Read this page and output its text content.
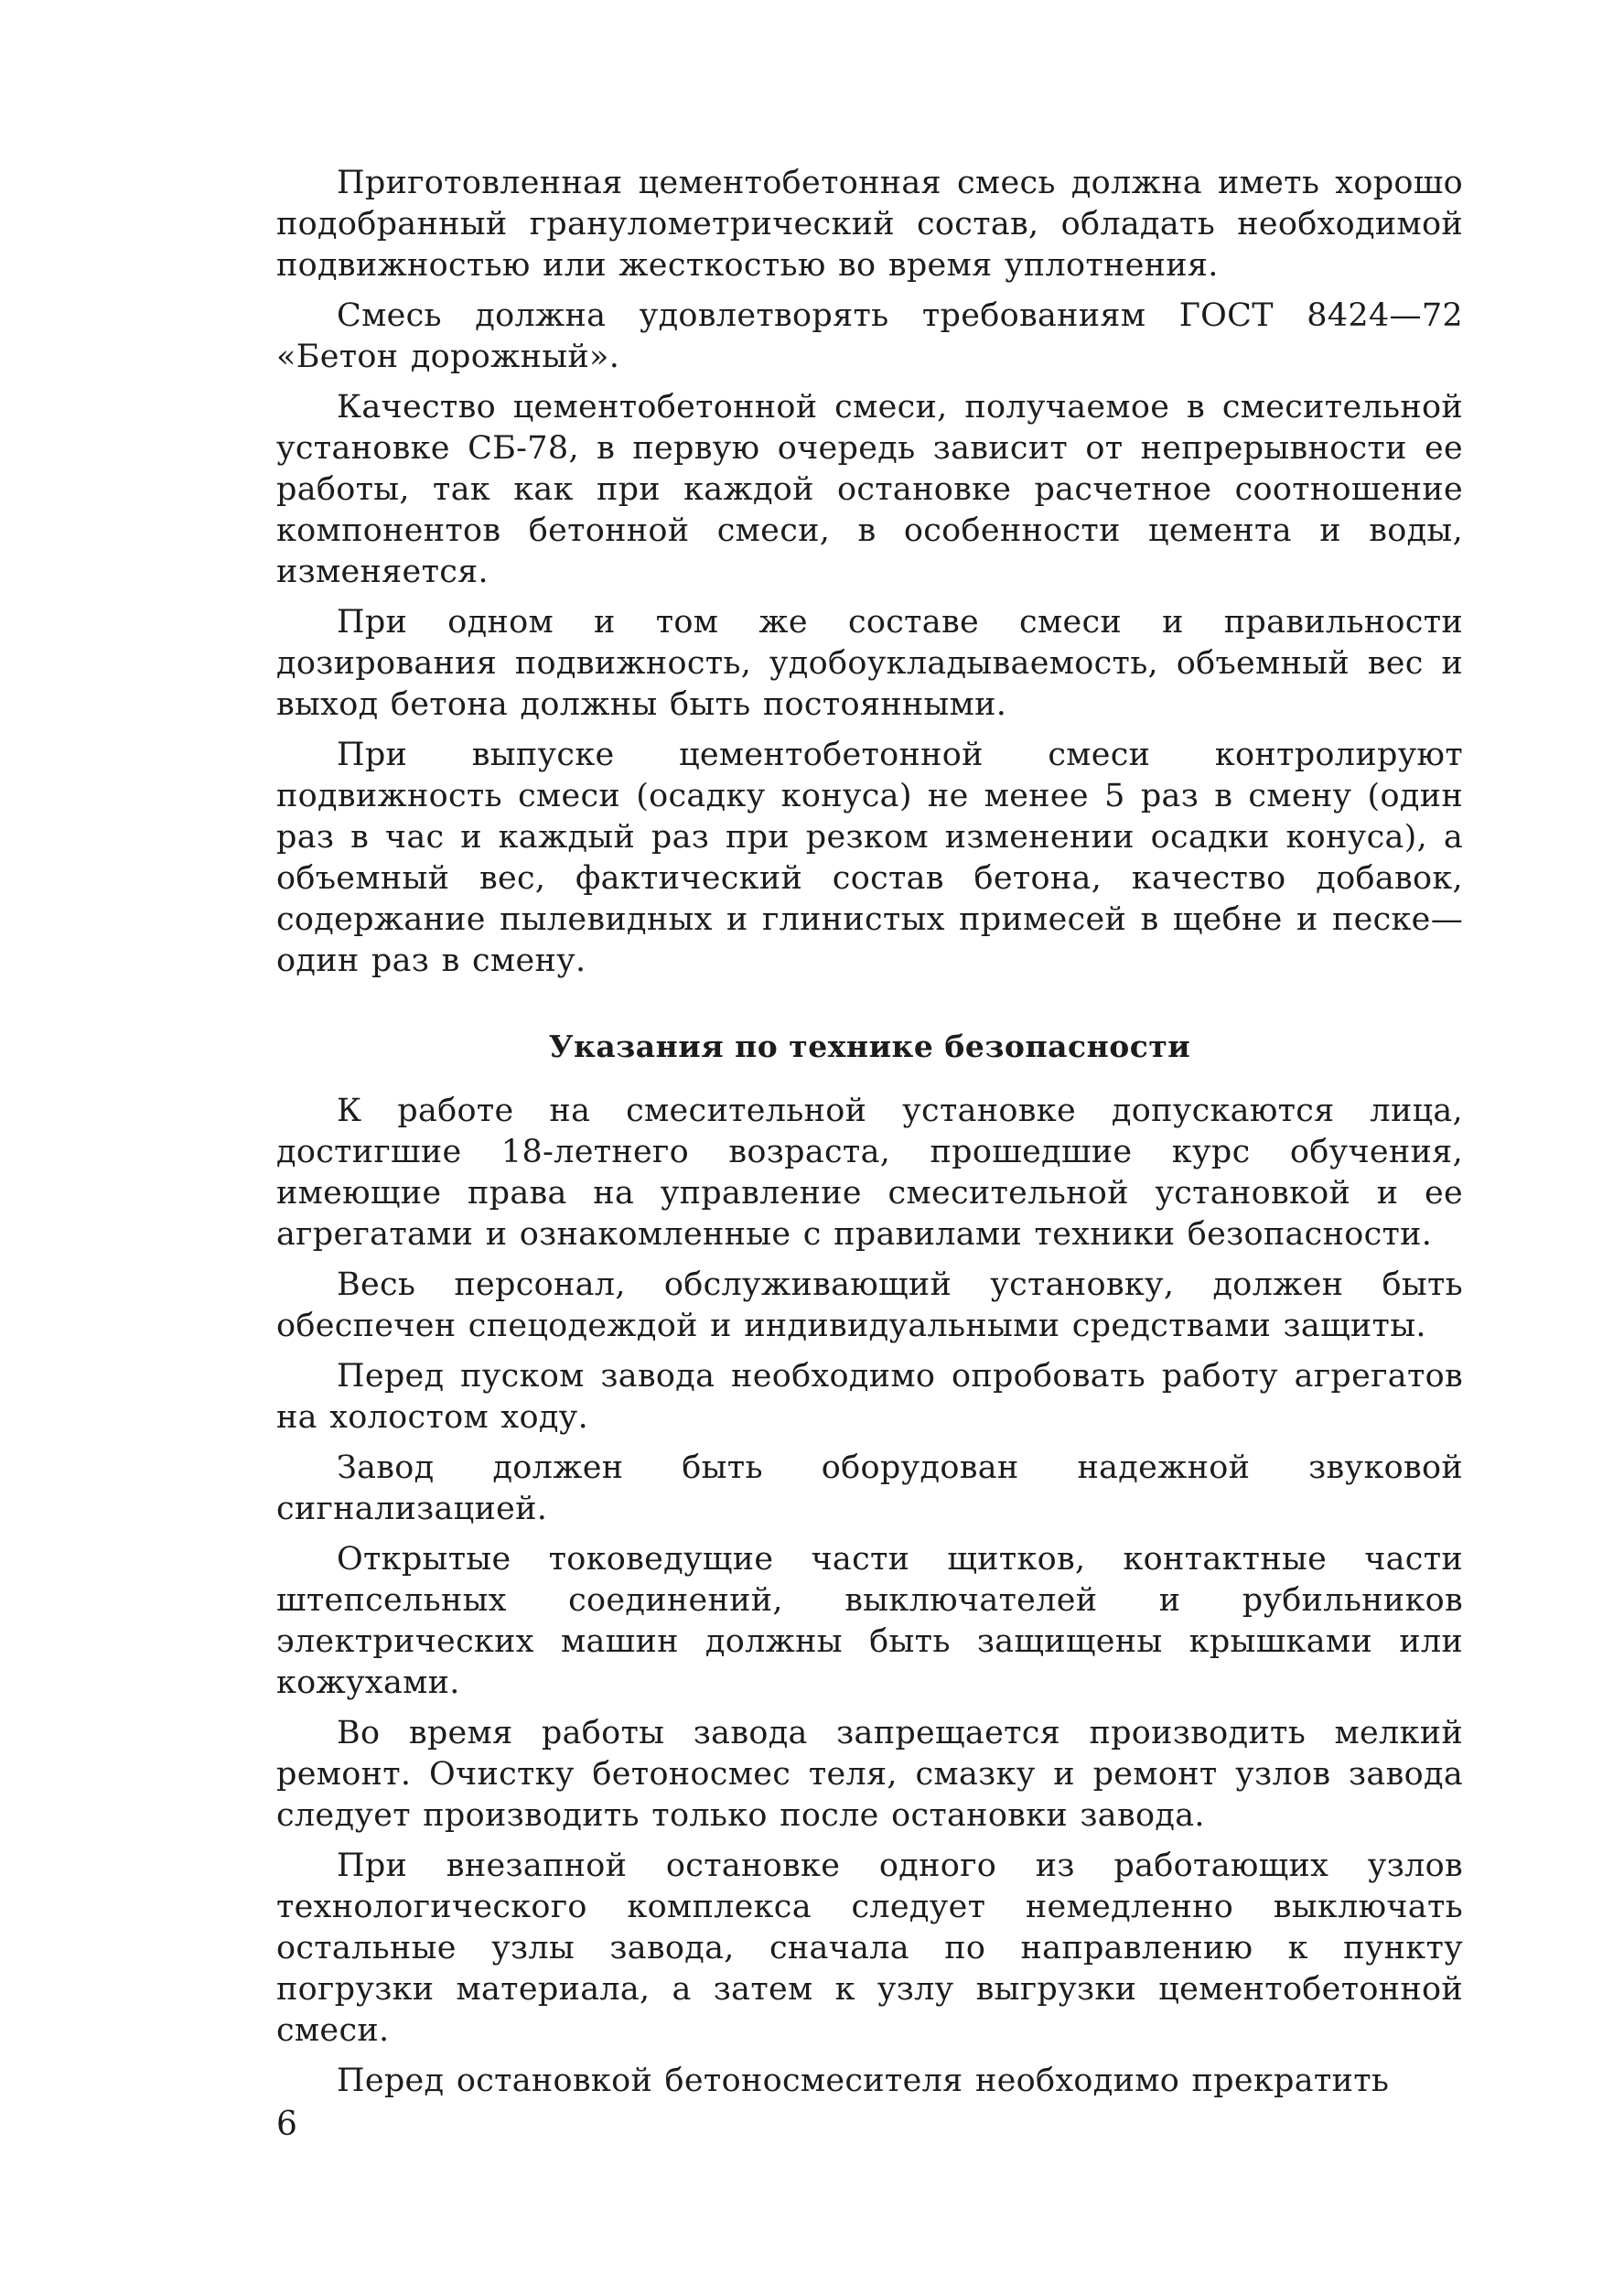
Приготовленная цементобетонная смесь должна иметь хорошо подобранный гранулометрический состав, обладать необходимой подвижностью или жесткостью во время уплотнения.

Смесь должна удовлетворять требованиям ГОСТ 8424—72 «Бетон дорожный».

Качество цементобетонной смеси, получаемое в смесительной установке СБ-78, в первую очередь зависит от непрерывности ее работы, так как при каждой остановке расчетное соотношение компонентов бетонной смеси, в особенности цемента и воды, изменяется.

При одном и том же составе смеси и правильности дозирования подвижность, удобоукладываемость, объемный вес и выход бетона должны быть постоянными.

При выпуске цементобетонной смеси контролируют подвижность смеси (осадку конуса) не менее 5 раз в смену (один раз в час и каждый раз при резком изменении осадки конуса), а объемный вес, фактический состав бетона, качество добавок, содержание пылевидных и глинистых примесей в щебне и песке—один раз в смену.

Указания по технике безопасности

К работе на смесительной установке допускаются лица, достигшие 18-летнего возраста, прошедшие курс обучения, имеющие права на управление смесительной установкой и ее агрегатами и ознакомленные с правилами техники безопасности.

Весь персонал, обслуживающий установку, должен быть обеспечен спецодеждой и индивидуальными средствами защиты.

Перед пуском завода необходимо опробовать работу агрегатов на холостом ходу.

Завод должен быть оборудован надежной звуковой сигнализацией.

Открытые токоведущие части щитков, контактные части штепсельных соединений, выключателей и рубильников электрических машин должны быть защищены крышками или кожухами.

Во время работы завода запрещается производить мелкий ремонт. Очистку бетоносмес теля, смазку и ремонт узлов завода следует производить только после остановки завода.

При внезапной остановке одного из работающих узлов технологического комплекса следует немедленно выключать остальные узлы завода, сначала по направлению к пункту погрузки материала, а затем к узлу выгрузки цементобетонной смеси.

Перед остановкой бетоносмесителя необходимо прекратить

6
